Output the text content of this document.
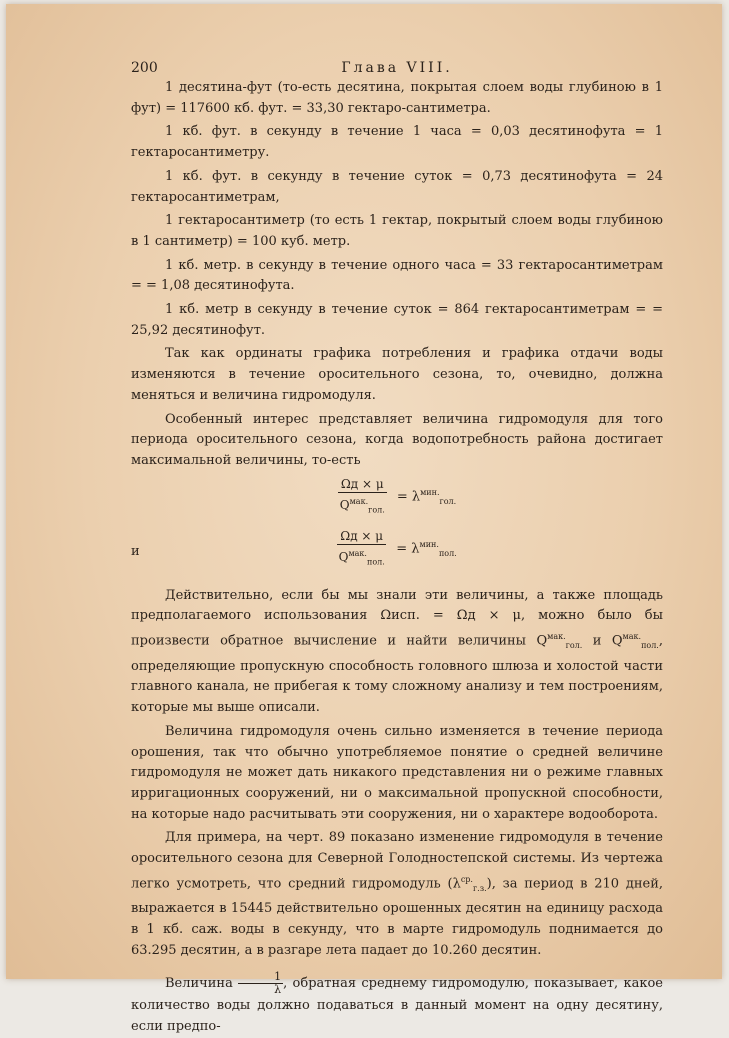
200	Глава VIII.

1 десятина-фут (то-есть десятина, покрытая слоем воды глубиною в 1 фут) = 117600 кб. фут. = 33,30 гектаро-сантиметра.

1 кб. фут. в секунду в течение 1 часа = 0,03 десятинофута = 1 гектаросантиметру.

1 кб. фут. в секунду в течение суток = 0,73 десятинофута = 24 гектаросантиметрам,

1 гектаросантиметр (то есть 1 гектар, покрытый слоем воды глубиною в 1 сантиметр) = 100 куб. метр.

1 кб. метр. в секунду в течение одного часа = 33 гектаросантиметрам = = 1,08 десятинофута.

1 кб. метр в секунду в течение суток = 864 гектаросантиметрам = = 25,92 десятинофут.

Так как ординаты графика потребления и графика отдачи воды изменяются в течение оросительного сезона, то, очевидно, должна меняться и величина гидромодуля.

Особенный интерес представляет величина гидромодуля для того периода оросительного сезона, когда водопотребность района достигает максимальной величины, то-есть

$\frac{\Omega д \times \mu}{Q^{мак.}_{гол.}} = \lambda^{мин.}_{гол.}$
и	$\frac{\Omega д \times \mu}{Q^{мак.}_{пол.}} = \lambda^{мин.}_{пол.}$

Действительно, если бы мы знали эти величины, а также площадь предполагаемого использования Ωисп. = Ωд × μ, можно было бы произвести обратное вычисление и найти величины $Q^{мак.}_{гол.}$ и $Q^{мак.}_{пол.}$, определяющие пропускную способность головного шлюза и холостой части главного канала, не прибегая к тому сложному анализу и тем построениям, которые мы выше описали.

Величина гидромодуля очень сильно изменяется в течение периода орошения, так что обычно употребляемое понятие о средней величине гидромодуля не может дать никакого представления ни о режиме главных ирригационных сооружений, ни о максимальной пропускной способности, на которые надо расчитывать эти сооружения, ни о характере водооборота.

Для примера, на черт. 89 показано изменение гидромодуля в течение оросительного сезона для Северной Голодностепской системы. Из чертежа легко усмотреть, что средний гидромодуль $(\lambda^{ср.}_{г.з.})$, за период в 210 дней, выражается в 15445 действительно орошенных десятин на единицу расхода в 1 кб. саж. воды в секунду, что в марте гидромодуль поднимается до 63.295 десятин, а в разгаре лета падает до 10.260 десятин.

Величина $\frac{1}{\lambda}$ , обратная среднему гидромодулю, показывает, какое количество воды должно подаваться в данный момент на одну десятину, если предпо-
